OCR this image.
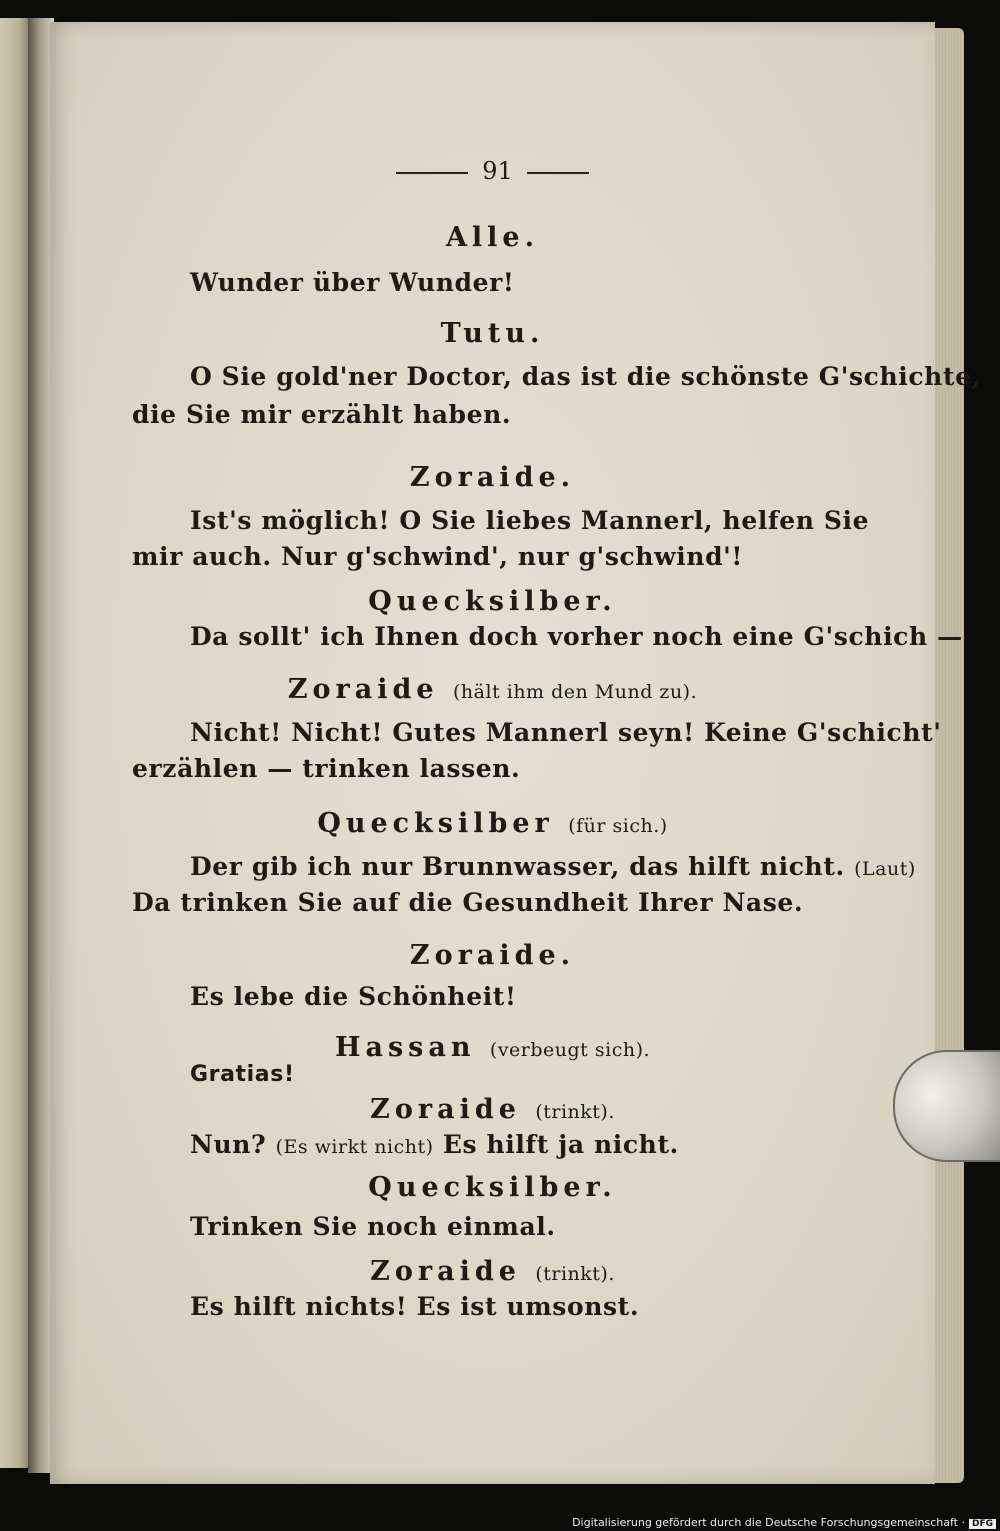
91
Alle.
Wunder über Wunder!
Tutu.
O Sie gold'ner Doctor, das ist die schönste G'schichte,
die Sie mir erzählt haben.
Zoraide.
Ist's möglich! O Sie liebes Mannerl, helfen Sie
mir auch. Nur g'schwind', nur g'schwind'!
Quecksilber.
Da sollt' ich Ihnen doch vorher noch eine G'schich —
Zoraide (hält ihm den Mund zu).
Nicht! Nicht! Gutes Mannerl seyn! Keine G'schicht'
erzählen — trinken lassen.
Quecksilber (für sich.)
Der gib ich nur Brunnwasser, das hilft nicht. (Laut)
Da trinken Sie auf die Gesundheit Ihrer Nase.
Zoraide.
Es lebe die Schönheit!
Hassan (verbeugt sich).
Gratias!
Zoraide (trinkt).
Nun? (Es wirkt nicht) Es hilft ja nicht.
Quecksilber.
Trinken Sie noch einmal.
Zoraide (trinkt).
Es hilft nichts! Es ist umsonst.
Digitalisierung gefördert durch die Deutsche Forschungsgemeinschaft · DFG
